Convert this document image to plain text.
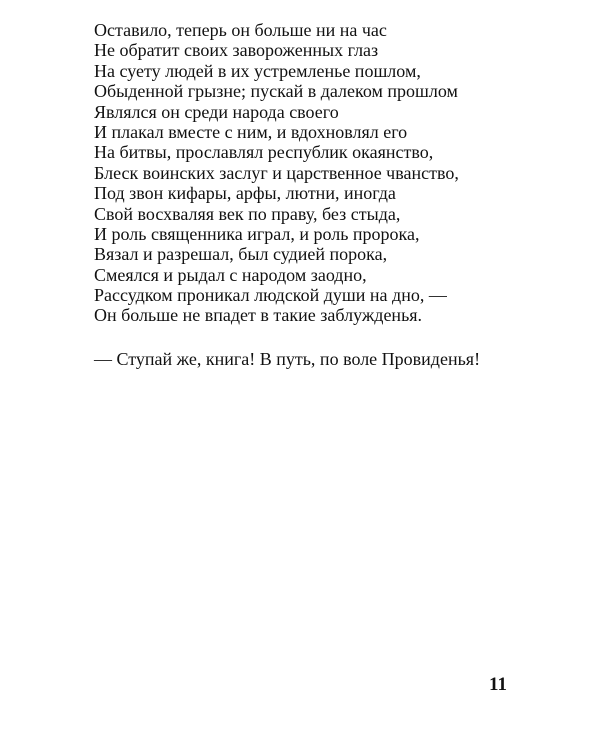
Оставило, теперь он больше ни на час
Не обратит своих завороженных глаз
На суету людей в их устремленье пошлом,
Обыденной грызне; пускай в далеком прошлом
Являлся он среди народа своего
И плакал вместе с ним, и вдохновлял его
На битвы, прославлял республик окаянство,
Блеск воинских заслуг и царственное чванство,
Под звон кифары, арфы, лютни, иногда
Свой восхваляя век по праву, без стыда,
И роль священника играл, и роль пророка,
Вязал и разрешал, был судией порока,
Смеялся и рыдал с народом заодно,
Рассудком проникал людской души на дно, —
Он больше не впадет в такие заблужденья.
— Ступай же, книга! В путь, по воле Провиденья!
11
